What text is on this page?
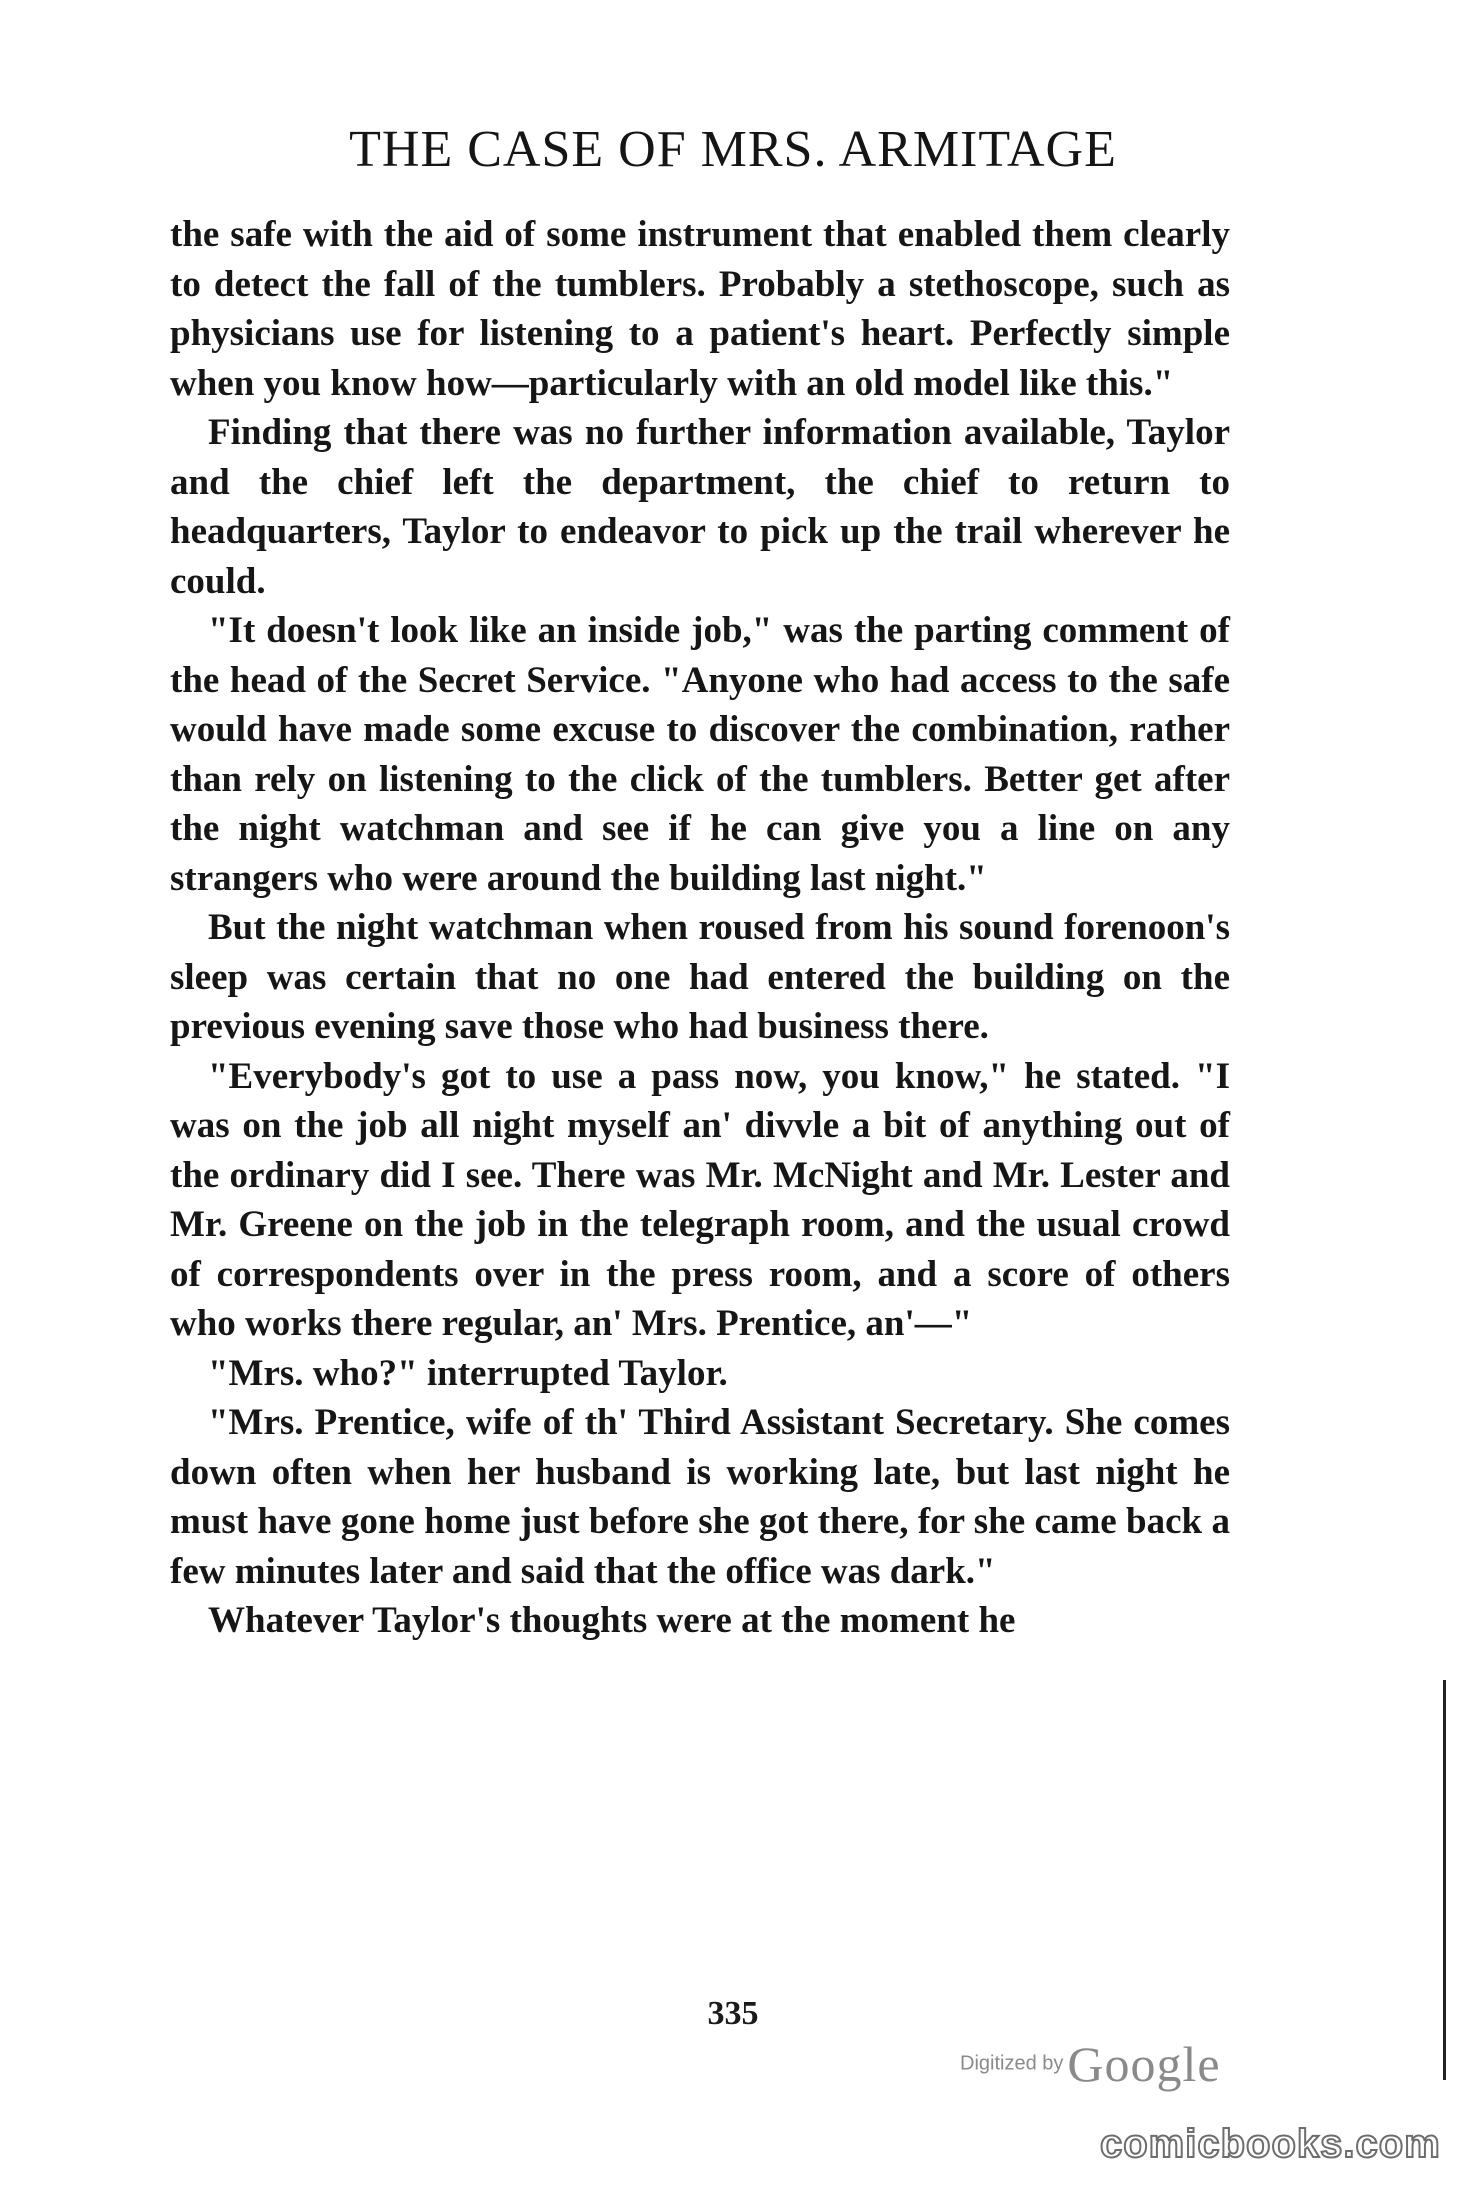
THE CASE OF MRS. ARMITAGE

the safe with the aid of some instrument that enabled them clearly to detect the fall of the tumblers. Probably a stethoscope, such as physicians use for listening to a patient's heart. Perfectly simple when you know how—particularly with an old model like this."

Finding that there was no further information available, Taylor and the chief left the department, the chief to return to headquarters, Taylor to endeavor to pick up the trail wherever he could.

"It doesn't look like an inside job," was the parting comment of the head of the Secret Service. "Anyone who had access to the safe would have made some excuse to discover the combination, rather than rely on listening to the click of the tumblers. Better get after the night watchman and see if he can give you a line on any strangers who were around the building last night."

But the night watchman when roused from his sound forenoon's sleep was certain that no one had entered the building on the previous evening save those who had business there.

"Everybody's got to use a pass now, you know," he stated. "I was on the job all night myself an' divvle a bit of anything out of the ordinary did I see. There was Mr. McNight and Mr. Lester and Mr. Greene on the job in the telegraph room, and the usual crowd of correspondents over in the press room, and a score of others who works there regular, an' Mrs. Prentice, an'—"

"Mrs. who?" interrupted Taylor.

"Mrs. Prentice, wife of th' Third Assistant Secretary. She comes down often when her husband is working late, but last night he must have gone home just before she got there, for she came back a few minutes later and said that the office was dark."

Whatever Taylor's thoughts were at the moment he

335
Digitized by Google
comicbooks.com
